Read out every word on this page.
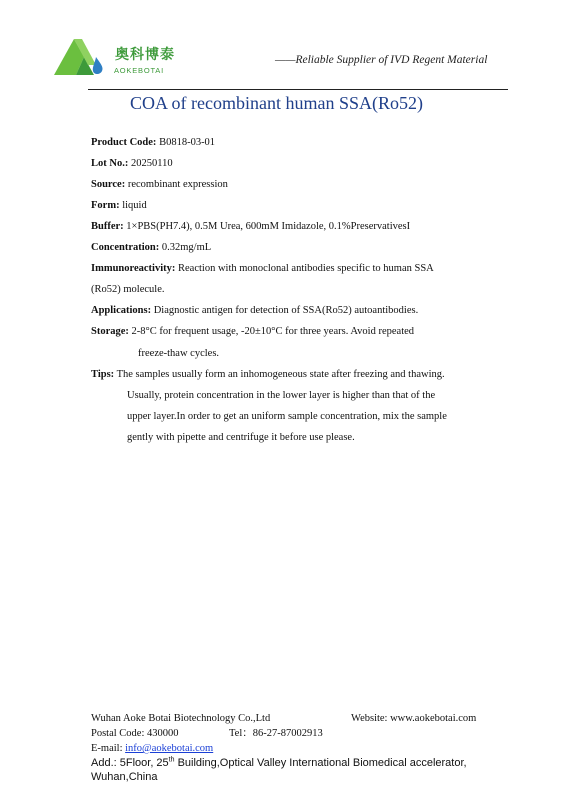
奥科博泰
AOKEBOTAI
——Reliable Supplier of IVD Regent Material
COA of recombinant human SSA(Ro52)
Product Code: B0818-03-01
Lot No.: 20250110
Source: recombinant expression
Form: liquid
Buffer: 1×PBS(PH7.4), 0.5M Urea, 600mM Imidazole, 0.1%PreservativesI
Concentration: 0.32mg/mL
Immunoreactivity: Reaction with monoclonal antibodies specific to human SSA
(Ro52) molecule.
Applications: Diagnostic antigen for detection of SSA(Ro52) autoantibodies.
Storage: 2-8°C for frequent usage, -20±10°C for three years. Avoid repeated
freeze-thaw cycles.
Tips: The samples usually form an inhomogeneous state after freezing and thawing.
Usually, protein concentration in the lower layer is higher than that of the
upper layer.In order to get an uniform sample concentration, mix the sample
gently with pipette and centrifuge it before use please.
Wuhan Aoke Botai Biotechnology Co.,Ltd	Website: www.aokebotai.com
Postal Code: 430000	Tel：86-27-87002913
E-mail: info@aokebotai.com
Add.: 5Floor, 25th Building,Optical Valley International Biomedical accelerator,
Wuhan,China
